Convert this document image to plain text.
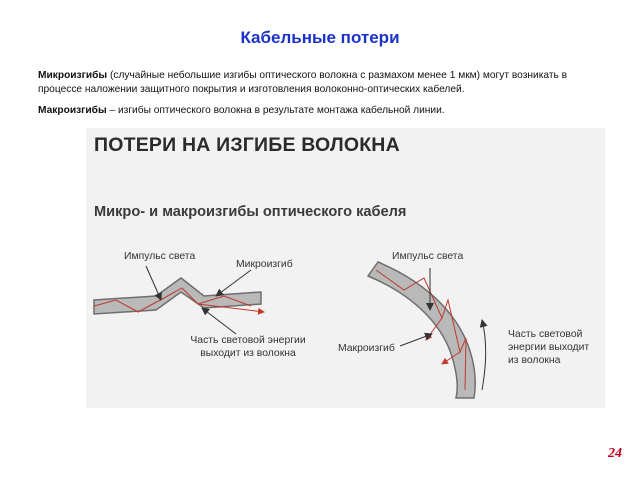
Кабельные потери
Микроизгибы (случайные небольшие изгибы оптического волокна с размахом менее 1 мкм) могут возникать в процессе наложении защитного покрытия и изготовления волоконно-оптических кабелей.
Макроизгибы – изгибы оптического волокна в результате монтажа кабельной линии.
ПОТЕРИ НА ИЗГИБЕ ВОЛОКНА
Микро- и макроизгибы оптического кабеля
Импульс света
Микроизгиб
Часть световой энергии
выходит из волокна
Импульс света
Макроизгиб
Часть световой
энергии выходит
из волокна
24
